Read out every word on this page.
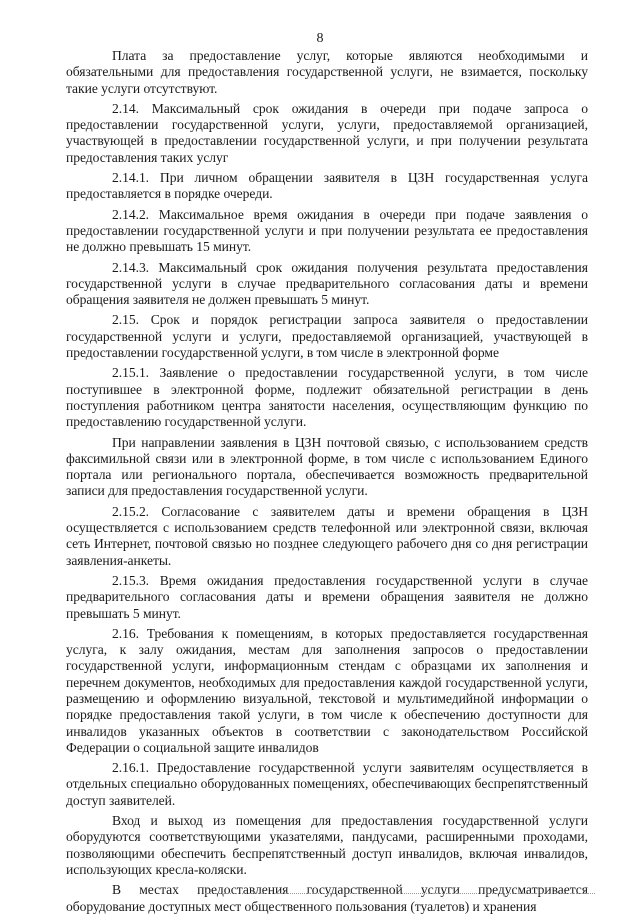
8

Плата за предоставление услуг, которые являются необходимыми и обязательными для предоставления государственной услуги, не взимается, поскольку такие услуги отсутствуют.

2.14. Максимальный срок ожидания в очереди при подаче запроса о предоставлении государственной услуги, услуги, предоставляемой организацией, участвующей в предоставлении государственной услуги, и при получении результата предоставления таких услуг

2.14.1. При личном обращении заявителя в ЦЗН государственная услуга предоставляется в порядке очереди.

2.14.2. Максимальное время ожидания в очереди при подаче заявления о предоставлении государственной услуги и при получении результата ее предоставления не должно превышать 15 минут.

2.14.3. Максимальный срок ожидания получения результата предоставления государственной услуги в случае предварительного согласования даты и времени обращения заявителя не должен превышать 5 минут.

2.15. Срок и порядок регистрации запроса заявителя о предоставлении государственной услуги и услуги, предоставляемой организацией, участвующей в предоставлении государственной услуги, в том числе в электронной форме

2.15.1. Заявление о предоставлении государственной услуги, в том числе поступившее в электронной форме, подлежит обязательной регистрации в день поступления работником центра занятости населения, осуществляющим функцию по предоставлению государственной услуги.

При направлении заявления в ЦЗН почтовой связью, с использованием средств факсимильной связи или в электронной форме, в том числе с использованием Единого портала или регионального портала, обеспечивается возможность предварительной записи для предоставления государственной услуги.

2.15.2. Согласование с заявителем даты и времени обращения в ЦЗН осуществляется с использованием средств телефонной или электронной связи, включая сеть Интернет, почтовой связью но позднее следующего рабочего дня со дня регистрации заявления-анкеты.

2.15.3. Время ожидания предоставления государственной услуги в случае предварительного согласования даты и времени обращения заявителя не должно превышать 5 минут.

2.16. Требования к помещениям, в которых предоставляется государственная услуга, к залу ожидания, местам для заполнения запросов о предоставлении государственной услуги, информационным стендам с образцами их заполнения и перечнем документов, необходимых для предоставления каждой государственной услуги, размещению и оформлению визуальной, текстовой и мультимедийной информации о порядке предоставления такой услуги, в том числе к обеспечению доступности для инвалидов указанных объектов в соответствии с законодательством Российской Федерации о социальной защите инвалидов

2.16.1. Предоставление государственной услуги заявителям осуществляется в отдельных специально оборудованных помещениях, обеспечивающих беспрепятственный доступ заявителей.

Вход и выход из помещения для предоставления государственной услуги оборудуются соответствующими указателями, пандусами, расширенными проходами, позволяющими обеспечить беспрепятственный доступ инвалидов, включая инвалидов, использующих кресла-коляски.

В местах предоставления государственной услуги предусматривается оборудование доступных мест общественного пользования (туалетов) и хранения
